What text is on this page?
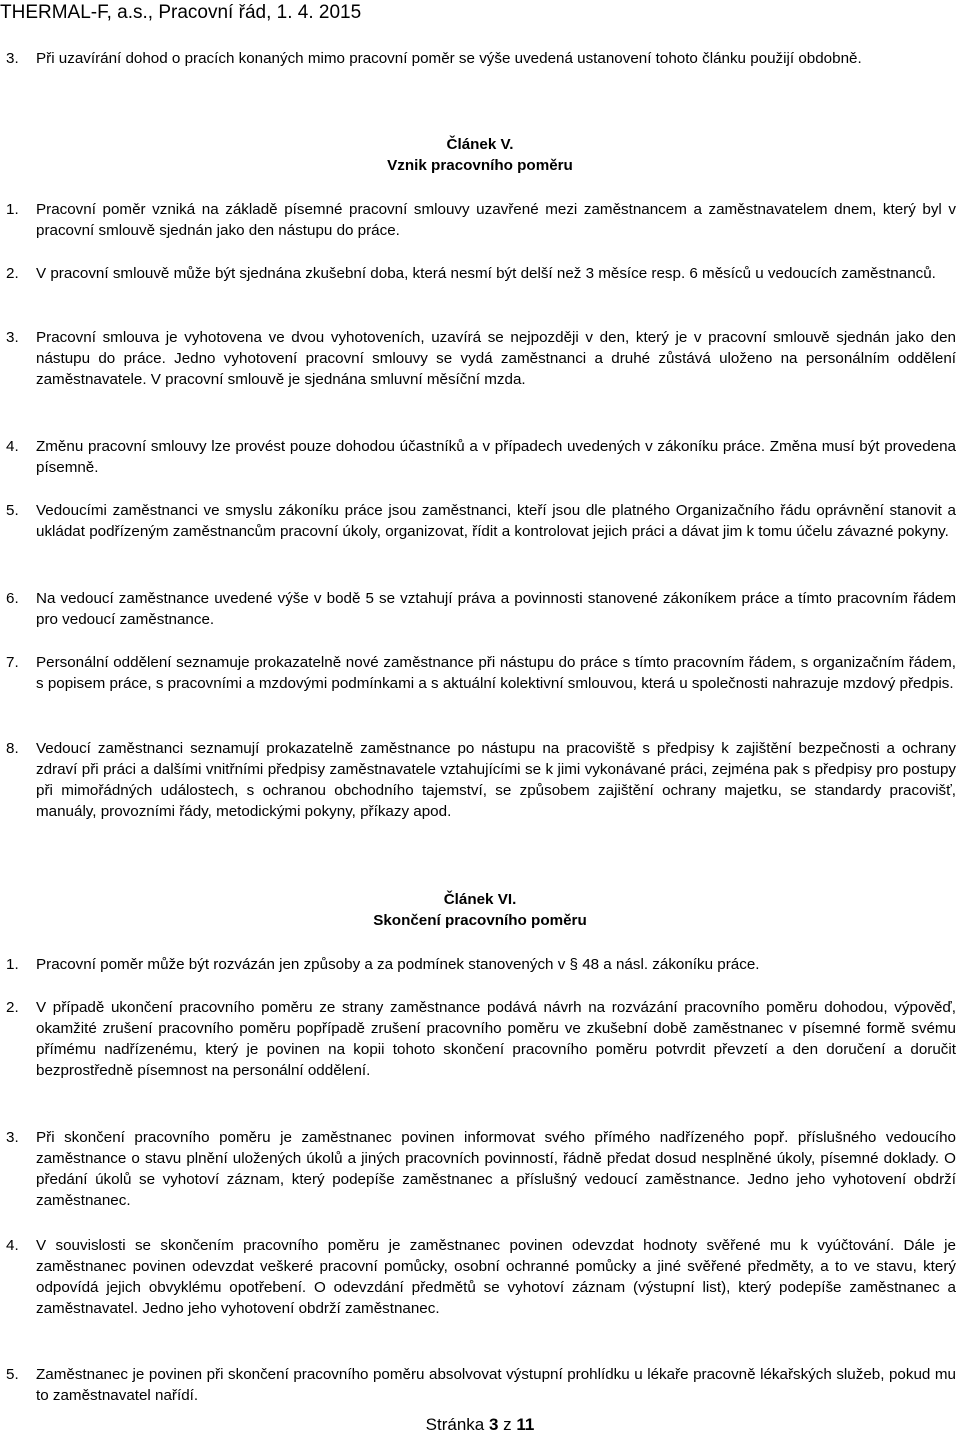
THERMAL-F, a.s., Pracovní řád, 1. 4. 2015
3. Při uzavírání dohod o pracích konaných mimo pracovní poměr se výše uvedená ustanovení tohoto článku použijí obdobně.
Článek V.
Vznik pracovního poměru
1. Pracovní poměr vzniká na základě písemné pracovní smlouvy uzavřené mezi zaměstnancem a zaměstnavatelem dnem, který byl v pracovní smlouvě sjednán jako den nástupu do práce.
2. V pracovní smlouvě může být sjednána zkušební doba, která nesmí být delší než 3 měsíce resp. 6 měsíců u vedoucích zaměstnanců.
3. Pracovní smlouva je vyhotovena ve dvou vyhotoveních, uzavírá se nejpozději v den, který je v pracovní smlouvě sjednán jako den nástupu do práce. Jedno vyhotovení pracovní smlouvy se vydá zaměstnanci a druhé zůstává uloženo na personálním oddělení zaměstnavatele. V pracovní smlouvě je sjednána smluvní měsíční mzda.
4. Změnu pracovní smlouvy lze provést pouze dohodou účastníků a v případech uvedených v zákoníku práce. Změna musí být provedena písemně.
5. Vedoucími zaměstnanci ve smyslu zákoníku práce jsou zaměstnanci, kteří jsou dle platného Organizačního řádu oprávnění stanovit a ukládat podřízeným zaměstnancům pracovní úkoly, organizovat, řídit a kontrolovat jejich práci a dávat jim k tomu účelu závazné pokyny.
6. Na vedoucí zaměstnance uvedené výše v bodě 5 se vztahují práva a povinnosti stanovené zákoníkem práce a tímto pracovním řádem pro vedoucí zaměstnance.
7. Personální oddělení seznamuje prokazatelně nové zaměstnance při nástupu do práce s tímto pracovním řádem, s organizačním řádem, s popisem práce, s pracovními a mzdovými podmínkami a s aktuální kolektivní smlouvou, která u společnosti nahrazuje mzdový předpis.
8. Vedoucí zaměstnanci seznamují prokazatelně zaměstnance po nástupu na pracoviště s předpisy k zajištění bezpečnosti a ochrany zdraví při práci a dalšími vnitřními předpisy zaměstnavatele vztahujícími se k jimi vykonávané práci, zejména pak s předpisy pro postupy při mimořádných událostech, s ochranou obchodního tajemství, se způsobem zajištění ochrany majetku, se standardy pracovišť, manuály, provozními řády, metodickými pokyny, příkazy apod.
Článek VI.
Skončení pracovního poměru
1. Pracovní poměr může být rozvázán jen způsoby a za podmínek stanovených v § 48 a násl. zákoníku práce.
2. V případě ukončení pracovního poměru ze strany zaměstnance podává návrh na rozvázání pracovního poměru dohodou, výpověď, okamžité zrušení pracovního poměru popřípadě zrušení pracovního poměru ve zkušební době zaměstnanec v písemné formě svému přímému nadřízenému, který je povinen na kopii tohoto skončení pracovního poměru potvrdit převzetí a den doručení a doručit bezprostředně písemnost na personální oddělení.
3. Při skončení pracovního poměru je zaměstnanec povinen informovat svého přímého nadřízeného popř. příslušného vedoucího zaměstnance o stavu plnění uložených úkolů a jiných pracovních povinností, řádně předat dosud nesplněné úkoly, písemné doklady. O předání úkolů se vyhotoví záznam, který podepíše zaměstnanec a příslušný vedoucí zaměstnance. Jedno jeho vyhotovení obdrží zaměstnanec.
4. V souvislosti se skončením pracovního poměru je zaměstnanec povinen odevzdat hodnoty svěřené mu k vyúčtování. Dále je zaměstnanec povinen odevzdat veškeré pracovní pomůcky, osobní ochranné pomůcky a jiné svěřené předměty, a to ve stavu, který odpovídá jejich obvyklému opotřebení. O odevzdání předmětů se vyhotoví záznam (výstupní list), který podepíše zaměstnanec a zaměstnavatel. Jedno jeho vyhotovení obdrží zaměstnanec.
5. Zaměstnanec je povinen při skončení pracovního poměru absolvovat výstupní prohlídku u lékaře pracovně lékařských služeb, pokud mu to zaměstnavatel nařídí.
Stránka 3 z 11
